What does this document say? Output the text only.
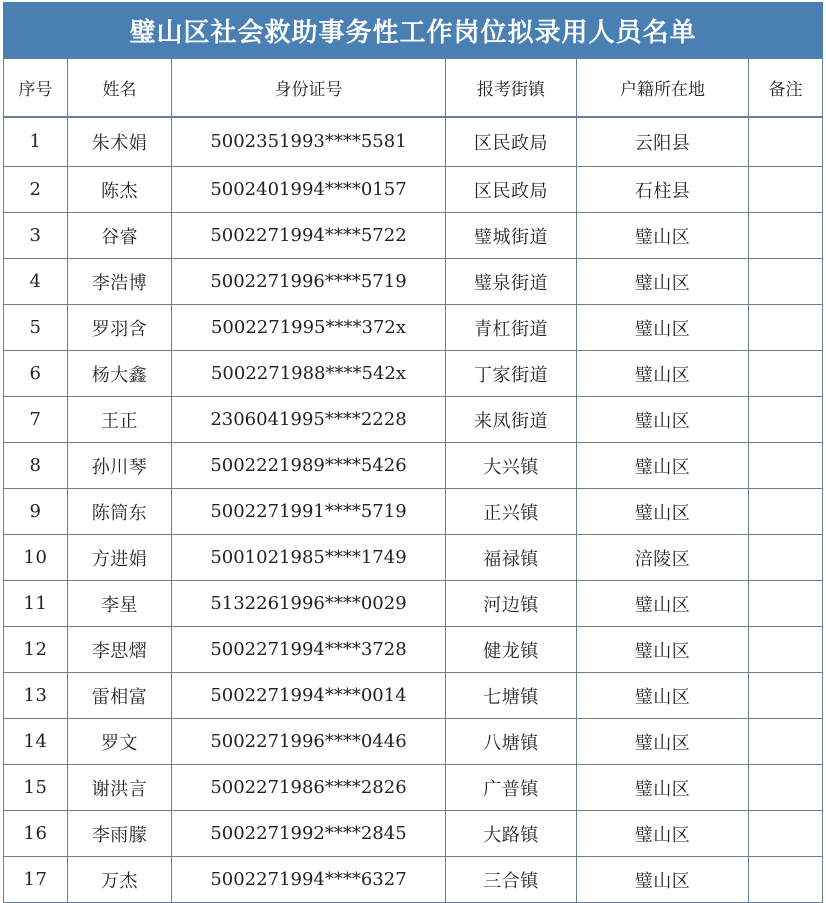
璧山区社会救助事务性工作岗位拟录用人员名单
序号	姓名	身份证号	报考街镇	户籍所在地	备注
1	朱术娟	5002351993****5581	区民政局	云阳县	
2	陈杰	5002401994****0157	区民政局	石柱县	
3	谷睿	5002271994****5722	璧城街道	璧山区	
4	李浩博	5002271996****5719	璧泉街道	璧山区	
5	罗羽含	5002271995****372x	青杠街道	璧山区	
6	杨大鑫	5002271988****542x	丁家街道	璧山区	
7	王正	2306041995****2228	来凤街道	璧山区	
8	孙川琴	5002221989****5426	大兴镇	璧山区	
9	陈筒东	5002271991****5719	正兴镇	璧山区	
10	方进娟	5001021985****1749	福禄镇	涪陵区	
11	李星	5132261996****0029	河边镇	璧山区	
12	李思熠	5002271994****3728	健龙镇	璧山区	
13	雷相富	5002271994****0014	七塘镇	璧山区	
14	罗文	5002271996****0446	八塘镇	璧山区	
15	谢洪言	5002271986****2826	广普镇	璧山区	
16	李雨朦	5002271992****2845	大路镇	璧山区	
17	万杰	5002271994****6327	三合镇	璧山区	
